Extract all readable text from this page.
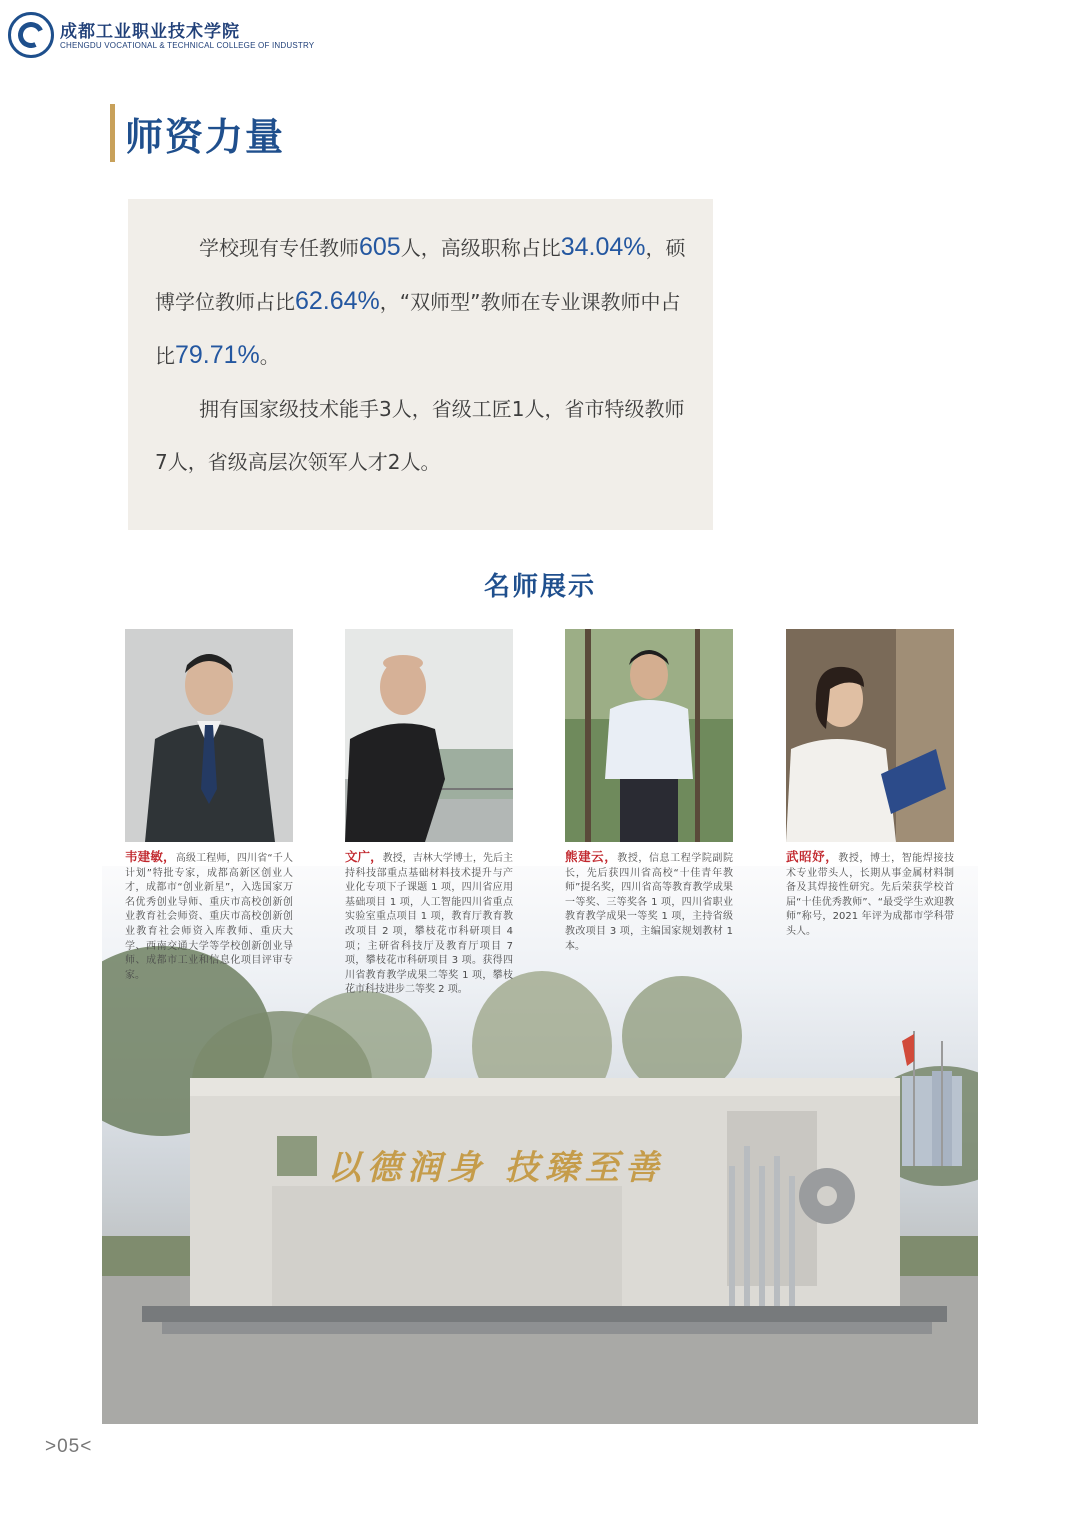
成都工业职业技术学院
CHENGDU VOCATIONAL & TECHNICAL COLLEGE OF INDUSTRY
师资力量
学校现有专任教师605人，高级职称占比34.04%，硕博学位教师占比62.64%，“双师型”教师在专业课教师中占比79.71%。
拥有国家级技术能手3人，省级工匠1人，省市特级教师7人，省级高层次领军人才2人。
名师展示
以德润身 技臻至善
韦建敏，高级工程师，四川省“千人计划”特批专家，成都高新区创业人才，成都市“创业新星”，入选国家万名优秀创业导师、重庆市高校创新创业教育社会师资、重庆市高校创新创业教育社会师资入库教师、重庆大学、西南交通大学等学校创新创业导师、成都市工业和信息化项目评审专家。
文广，教授，吉林大学博士，先后主持科技部重点基础材料技术提升与产业化专项下子课题 1 项，四川省应用基础项目 1 项，人工智能四川省重点实验室重点项目 1 项，教育厅教育教改项目 2 项，攀枝花市科研项目 4 项；主研省科技厅及教育厅项目 7 项，攀枝花市科研项目 3 项。获得四川省教育教学成果二等奖 1 项，攀枝花市科技进步二等奖 2 项。
熊建云，教授，信息工程学院副院长，先后获四川省高校“十佳青年教师”提名奖，四川省高等教育教学成果一等奖、三等奖各 1 项，四川省职业教育教学成果一等奖 1 项，主持省级教改项目 3 项，主编国家规划教材 1 本。
武昭妤，教授，博士，智能焊接技术专业带头人，长期从事金属材料制备及其焊接性研究。先后荣获学校首届“十佳优秀教师”、“最受学生欢迎教师”称号，2021 年评为成都市学科带头人。
>05<
